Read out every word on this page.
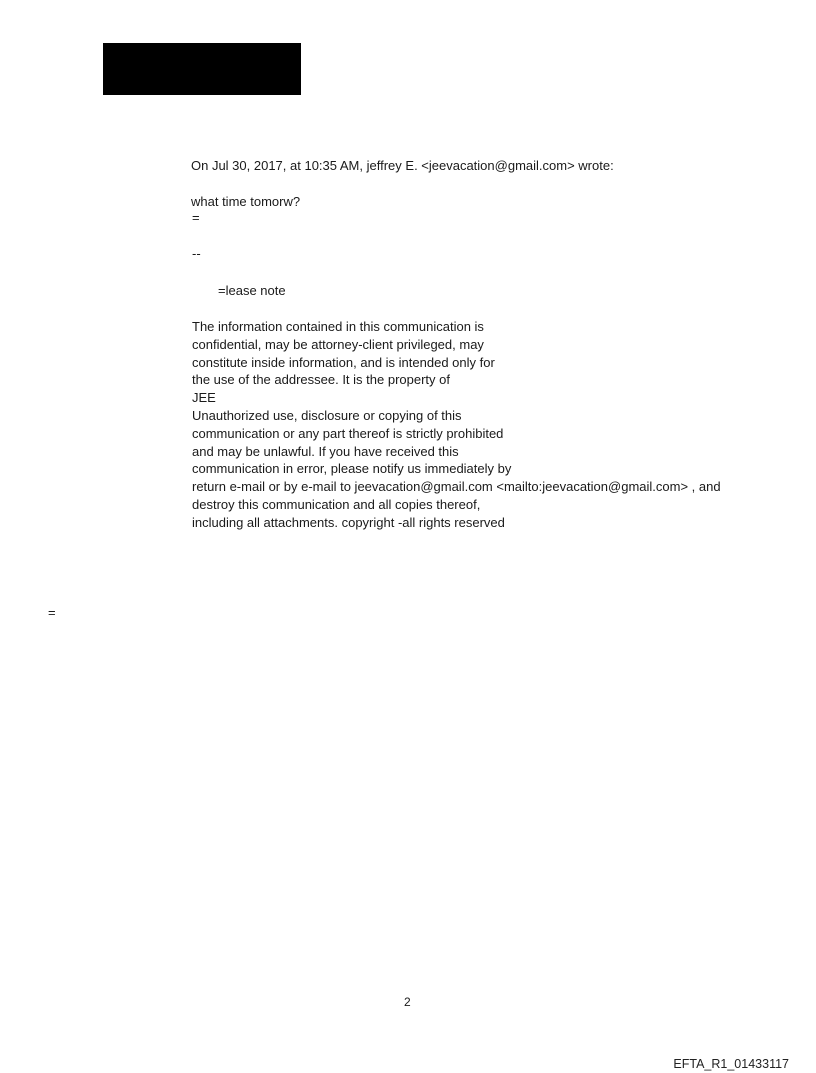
On Jul 30, 2017, at 10:35 AM, jeffrey E. <jeevacation@gmail.com> wrote:
what time tomorw?
=
--
=lease note
The information contained in this communication is
confidential, may be attorney-client privileged, may
constitute inside information, and is intended only for
the use of the addressee. It is the property of
JEE
Unauthorized use, disclosure or copying of this
communication or any part thereof is strictly prohibited
and may be unlawful. If you have received this
communication in error, please notify us immediately by
return e-mail or by e-mail to jeevacation@gmail.com <mailto:jeevacation@gmail.com> , and
destroy this communication and all copies thereof,
including all attachments. copyright -all rights reserved
=
2
EFTA_R1_01433117
